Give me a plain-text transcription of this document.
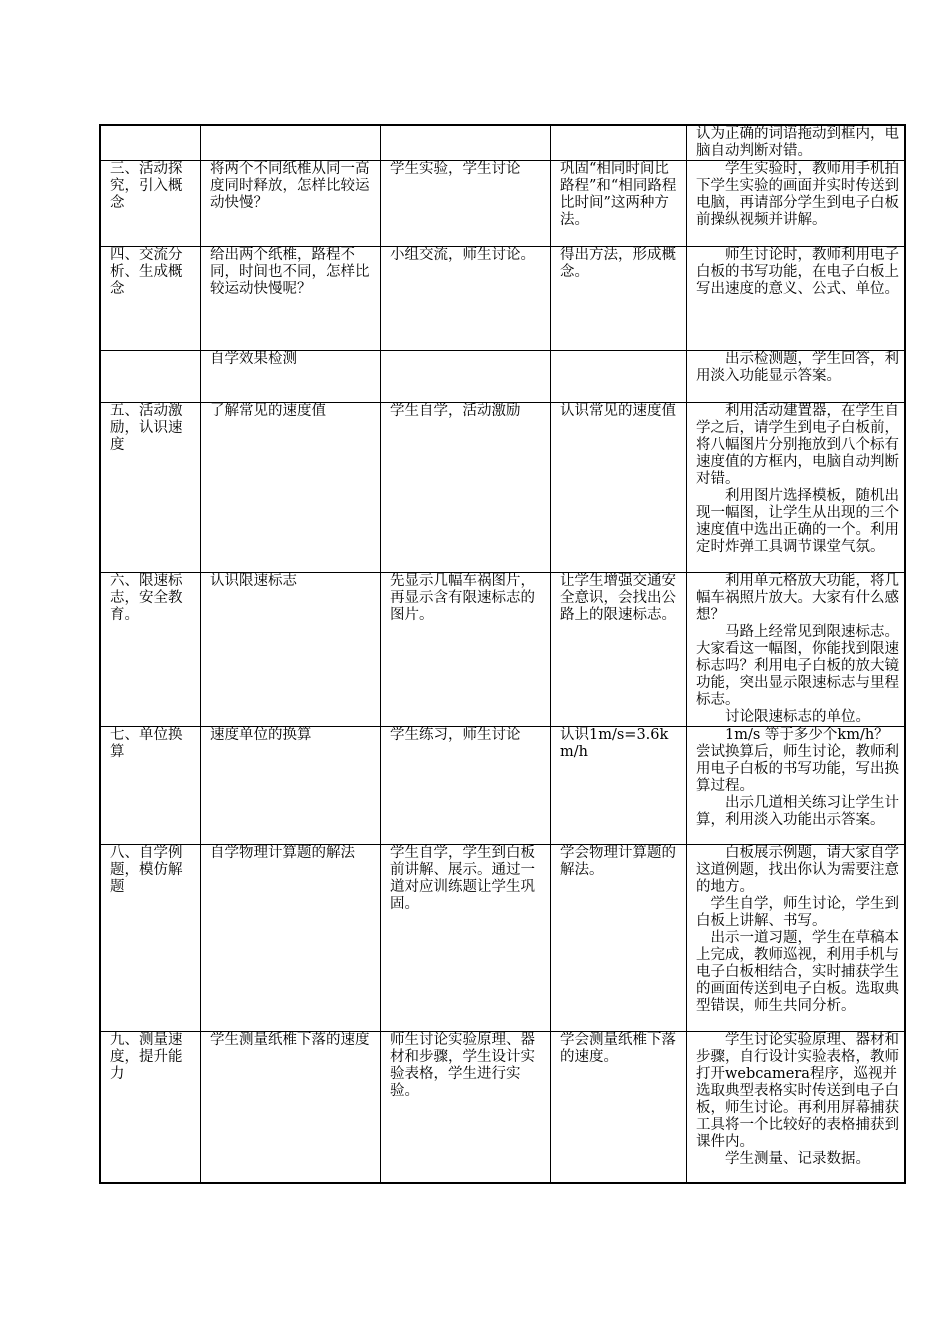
				认为正确的词语拖动到框内，电脑自动判断对错。

三、活动探究，引入概念	将两个不同纸椎从同一高度同时释放，怎样比较运动快慢？	学生实验，学生讨论	巩固“相同时间比路程”和“相同路程比时间”这两种方法。	学生实验时，教师用手机拍下学生实验的画面并实时传送到电脑，再请部分学生到电子白板前操纵视频并讲解。

四、交流分析、生成概念	给出两个纸椎，路程不同，时间也不同，怎样比较运动快慢呢？	小组交流，师生讨论。	得出方法，形成概念。	师生讨论时，教师利用电子白板的书写功能，在电子白板上写出速度的意义、公式、单位。

	自学效果检测			出示检测题，学生回答，利用淡入功能显示答案。

五、活动激励，认识速度	了解常见的速度值	学生自学，活动激励	认识常见的速度值	利用活动建置器，在学生自学之后，请学生到电子白板前，将八幅图片分别拖放到八个标有速度值的方框内，电脑自动判断对错。
利用图片选择模板，随机出现一幅图，让学生从出现的三个速度值中选出正确的一个。利用定时炸弹工具调节课堂气氛。

六、限速标志，安全教育。	认识限速标志	先显示几幅车祸图片，再显示含有限速标志的图片。	让学生增强交通安全意识，会找出公路上的限速标志。	利用单元格放大功能，将几幅车祸照片放大。大家有什么感想？
马路上经常见到限速标志。大家看这一幅图，你能找到限速标志吗？利用电子白板的放大镜功能，突出显示限速标志与里程标志。
讨论限速标志的单位。

七、单位换算	速度单位的换算	学生练习，师生讨论	认识1m/s=3.6km/h	1m/s 等于多少个km/h？尝试换算后，师生讨论，教师利用电子白板的书写功能，写出换算过程。
出示几道相关练习让学生计算，利用淡入功能出示答案。

八、自学例题，模仿解题	自学物理计算题的解法	学生自学，学生到白板前讲解、展示。通过一道对应训练题让学生巩固。	学会物理计算题的解法。	白板展示例题，请大家自学这道例题，找出你认为需要注意的地方。
学生自学，师生讨论，学生到白板上讲解、书写。
出示一道习题，学生在草稿本上完成，教师巡视，利用手机与电子白板相结合，实时捕获学生的画面传送到电子白板。选取典型错误，师生共同分析。

九、测量速度，提升能力	学生测量纸椎下落的速度	师生讨论实验原理、器材和步骤，学生设计实验表格，学生进行实验。	学会测量纸椎下落的速度。	学生讨论实验原理、器材和步骤，自行设计实验表格，教师打开webcamera程序，巡视并选取典型表格实时传送到电子白板，师生讨论。再利用屏幕捕获工具将一个比较好的表格捕获到课件内。
学生测量、记录数据。
